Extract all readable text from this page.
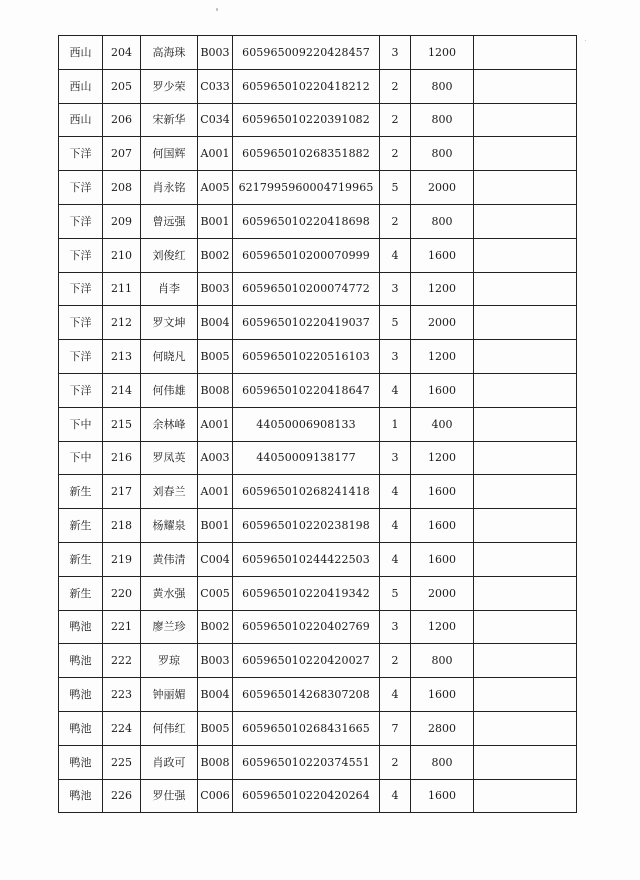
西山	204	高海珠	B003	605965009220428457	3	1200	
西山	205	罗少荣	C033	605965010220418212	2	800	
西山	206	宋新华	C034	605965010220391082	2	800	
下洋	207	何国辉	A001	605965010268351882	2	800	
下洋	208	肖永铭	A005	6217995960004719965	5	2000	
下洋	209	曾远强	B001	605965010220418698	2	800	
下洋	210	刘俊红	B002	605965010200070999	4	1600	
下洋	211	肖李	B003	605965010200074772	3	1200	
下洋	212	罗文坤	B004	605965010220419037	5	2000	
下洋	213	何晓凡	B005	605965010220516103	3	1200	
下洋	214	何伟雄	B008	605965010220418647	4	1600	
下中	215	余林峰	A001	44050006908133	1	400	
下中	216	罗凤英	A003	44050009138177	3	1200	
新生	217	刘春兰	A001	605965010268241418	4	1600	
新生	218	杨耀泉	B001	605965010220238198	4	1600	
新生	219	黄伟清	C004	605965010244422503	4	1600	
新生	220	黄水强	C005	605965010220419342	5	2000	
鸭池	221	廖兰珍	B002	605965010220402769	3	1200	
鸭池	222	罗琼	B003	605965010220420027	2	800	
鸭池	223	钟丽媚	B004	605965014268307208	4	1600	
鸭池	224	何伟红	B005	605965010268431665	7	2800	
鸭池	225	肖政可	B008	605965010220374551	2	800	
鸭池	226	罗仕强	C006	605965010220420264	4	1600	
